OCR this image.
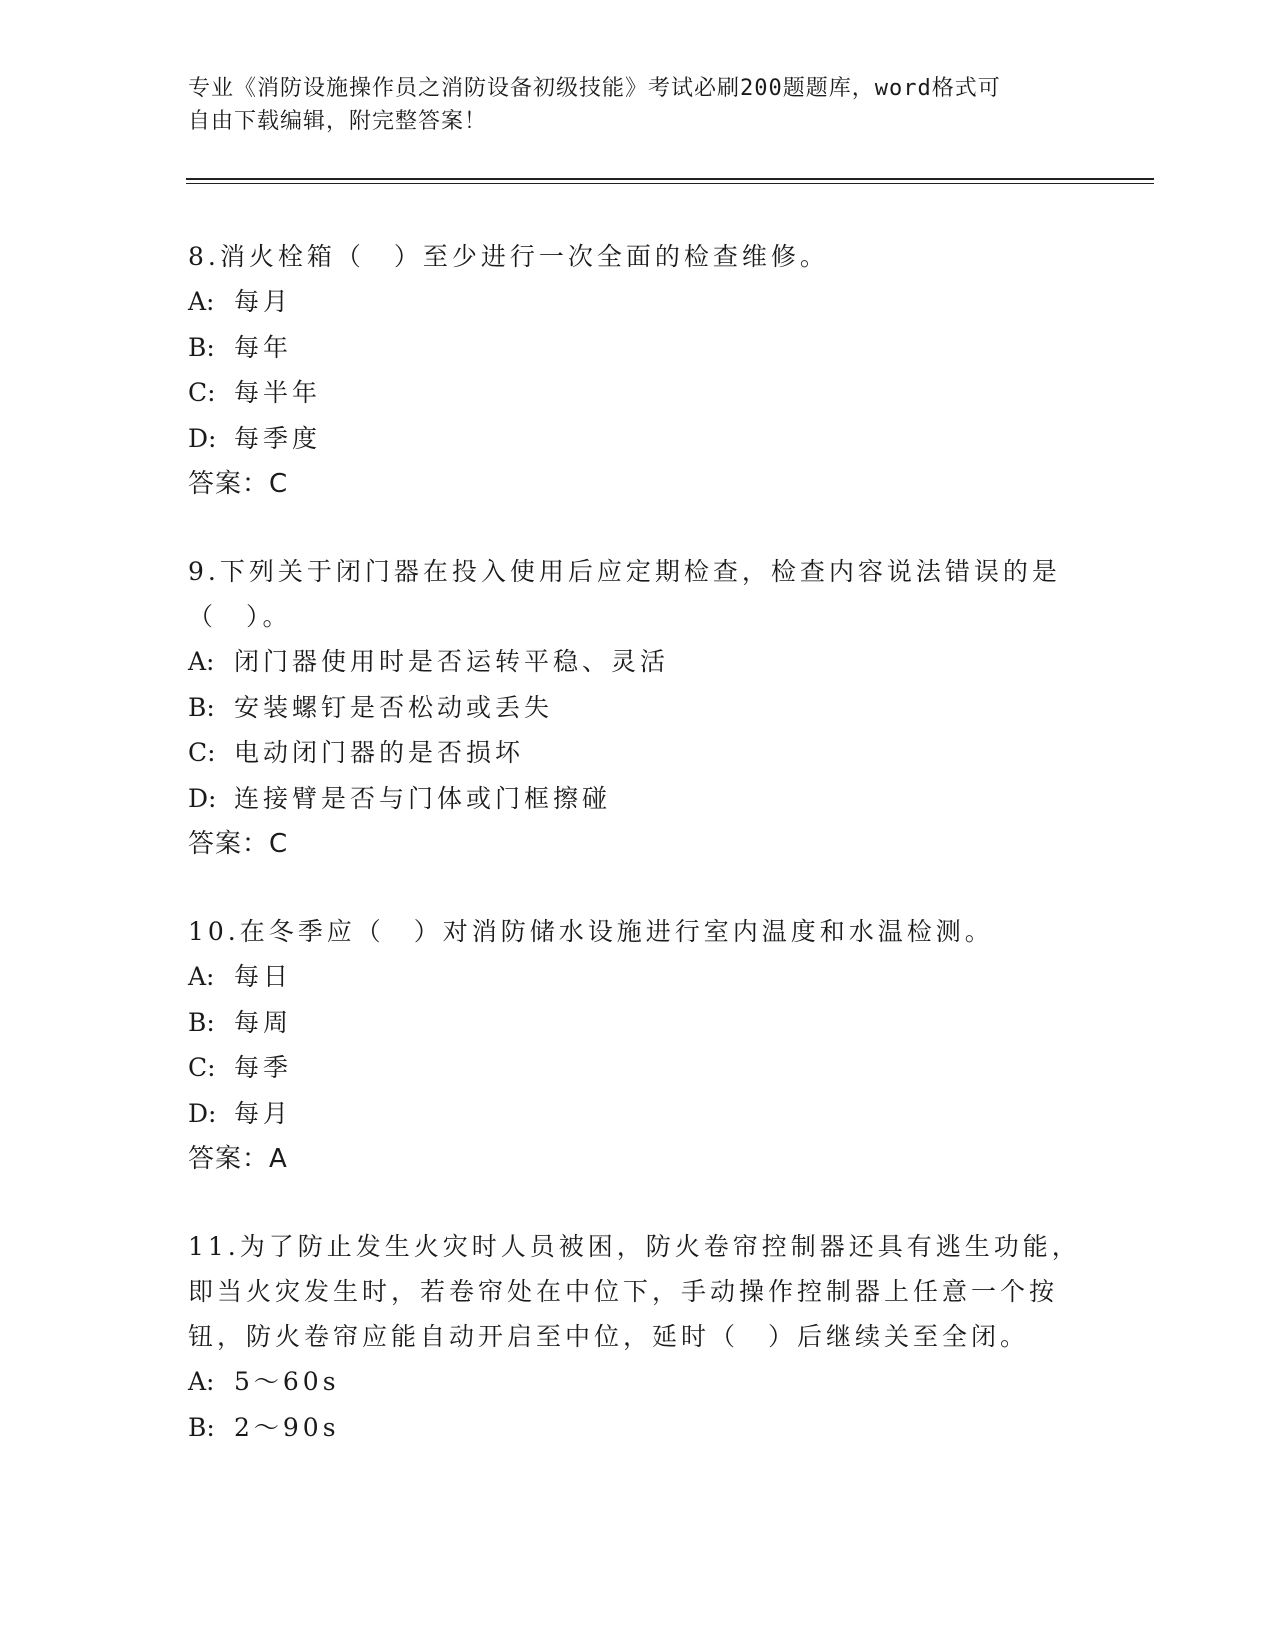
专业《消防设施操作员之消防设备初级技能》考试必刷200题题库，word格式可
自由下载编辑，附完整答案！

8.消火栓箱（　）至少进行一次全面的检查维修。

A: 每月

B: 每年

C: 每半年

D: 每季度

答案：C

9.下列关于闭门器在投入使用后应定期检查，检查内容说法错误的是（　）。

A: 闭门器使用时是否运转平稳、灵活

B: 安装螺钉是否松动或丢失

C: 电动闭门器的是否损坏

D: 连接臂是否与门体或门框擦碰

答案：C

10.在冬季应（　）对消防储水设施进行室内温度和水温检测。

A: 每日

B: 每周

C: 每季

D: 每月

答案：A

11.为了防止发生火灾时人员被困，防火卷帘控制器还具有逃生功能，即当火灾发生时，若卷帘处在中位下，手动操作控制器上任意一个按钮，防火卷帘应能自动开启至中位，延时（　）后继续关至全闭。

A: 5～60s

B: 2～90s
